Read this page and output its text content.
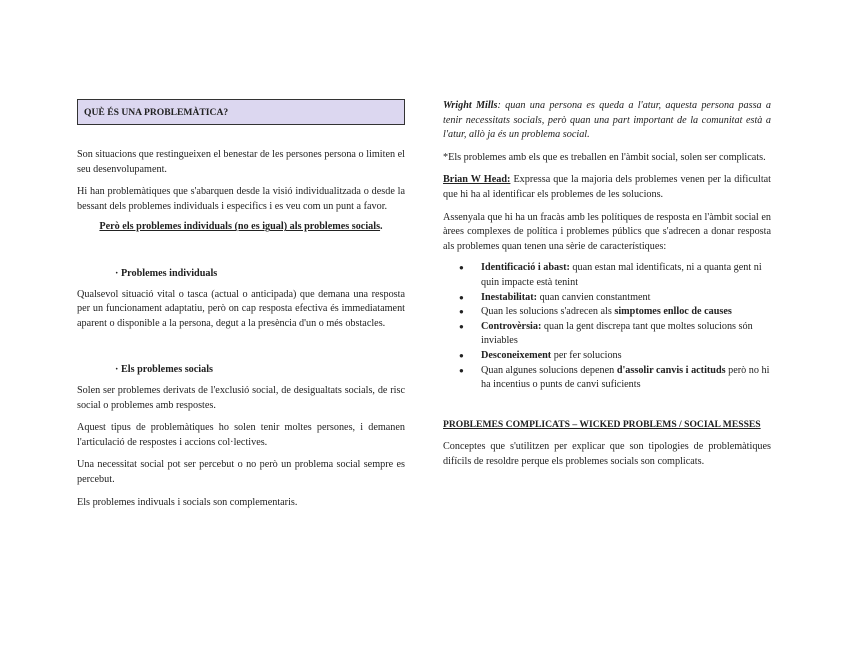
QUÈ ÉS UNA PROBLEMÀTICA?

Son situacions que restingueixen el benestar de les persones persona o limiten el seu desenvolupament.

Hi han problemàtiques que s'abarquen desde la visió individualitzada o desde la bessant dels problemes individuals i especifics i es veu com un punt a favor.

Però els problemes individuals (no es igual) als problemes socials.

· Problemes individuals

Qualsevol situació vital o tasca (actual o anticipada) que demana una resposta per un funcionament adaptatiu, però on cap resposta efectiva és immediatament aparent o disponible a la persona, degut a la presència d'un o més obstacles.

· Els problemes socials

Solen ser problemes derivats de l'exclusió social, de desigualtats socials, de risc social o problemes amb respostes.

Aquest tipus de problemàtiques ho solen tenir moltes persones, i demanen l'articulació de respostes i accions col·lectives.

Una necessitat social pot ser percebut o no però un problema social sempre es percebut.

Els problemes indivuals i socials son complementaris.

Wright Mills: quan una persona es queda a l'atur, aquesta persona passa a tenir necessitats socials, però quan una part important de la comunitat està a l'atur, allò ja és un problema social.

*Els problemes amb els que es treballen en l'àmbit social, solen ser complicats.

Brian W Head: Expressa que la majoria dels problemes venen per la dificultat que hi ha al identificar els problemes de les solucions.

Assenyala que hi ha un fracàs amb les polítiques de resposta en l'àmbit social en àrees complexes de política i problemes públics que s'adrecen a donar resposta als problemes quan tenen una sèrie de característiques:

● Identificació i abast: quan estan mal identificats, ni a quanta gent ni quin impacte està tenint
● Inestabilitat: quan canvien constantment
● Quan les solucions s'adrecen als simptomes enlloc de causes
● Controvèrsia: quan la gent discrepa tant que moltes solucions són inviables
● Desconeixement per fer solucions
● Quan algunes solucions depenen d'assolir canvis i actituds però no hi ha incentius o punts de canvi suficients

PROBLEMES COMPLICATS – WICKED PROBLEMS / SOCIAL MESSES

Conceptes que s'utilitzen per explicar que son tipologies de problemàtiques difícils de resoldre perque els problemes socials son complicats.
